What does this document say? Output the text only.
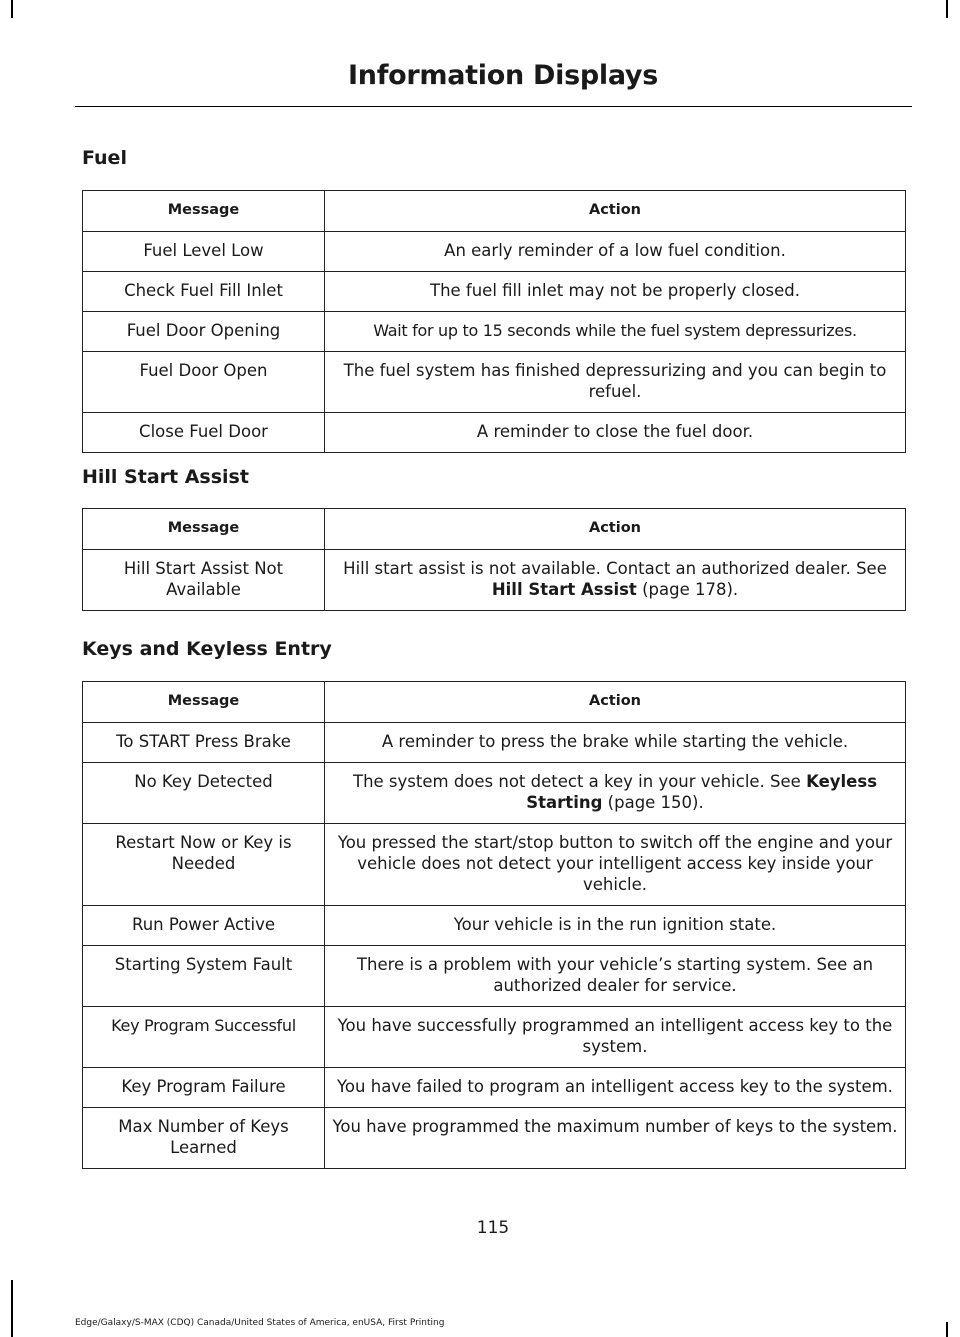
Information Displays
Fuel
Message	Action
Fuel Level Low	An early reminder of a low fuel condition.
Check Fuel Fill Inlet	The fuel fill inlet may not be properly closed.
Fuel Door Opening	Wait for up to 15 seconds while the fuel system depressurizes.
Fuel Door Open	The fuel system has finished depressurizing and you can begin to refuel.
Close Fuel Door	A reminder to close the fuel door.
Hill Start Assist
Message	Action
Hill Start Assist Not Available	Hill start assist is not available. Contact an authorized dealer. See Hill Start Assist (page 178).
Keys and Keyless Entry
Message	Action
To START Press Brake	A reminder to press the brake while starting the vehicle.
No Key Detected	The system does not detect a key in your vehicle. See Keyless Starting (page 150).
Restart Now or Key is Needed	You pressed the start/stop button to switch off the engine and your vehicle does not detect your intelligent access key inside your vehicle.
Run Power Active	Your vehicle is in the run ignition state.
Starting System Fault	There is a problem with your vehicle’s starting system. See an authorized dealer for service.
Key Program Successful	You have successfully programmed an intelligent access key to the system.
Key Program Failure	You have failed to program an intelligent access key to the system.
Max Number of Keys Learned	You have programmed the maximum number of keys to the system.
115
Edge/Galaxy/S-MAX (CDQ) Canada/United States of America, enUSA, First Printing
